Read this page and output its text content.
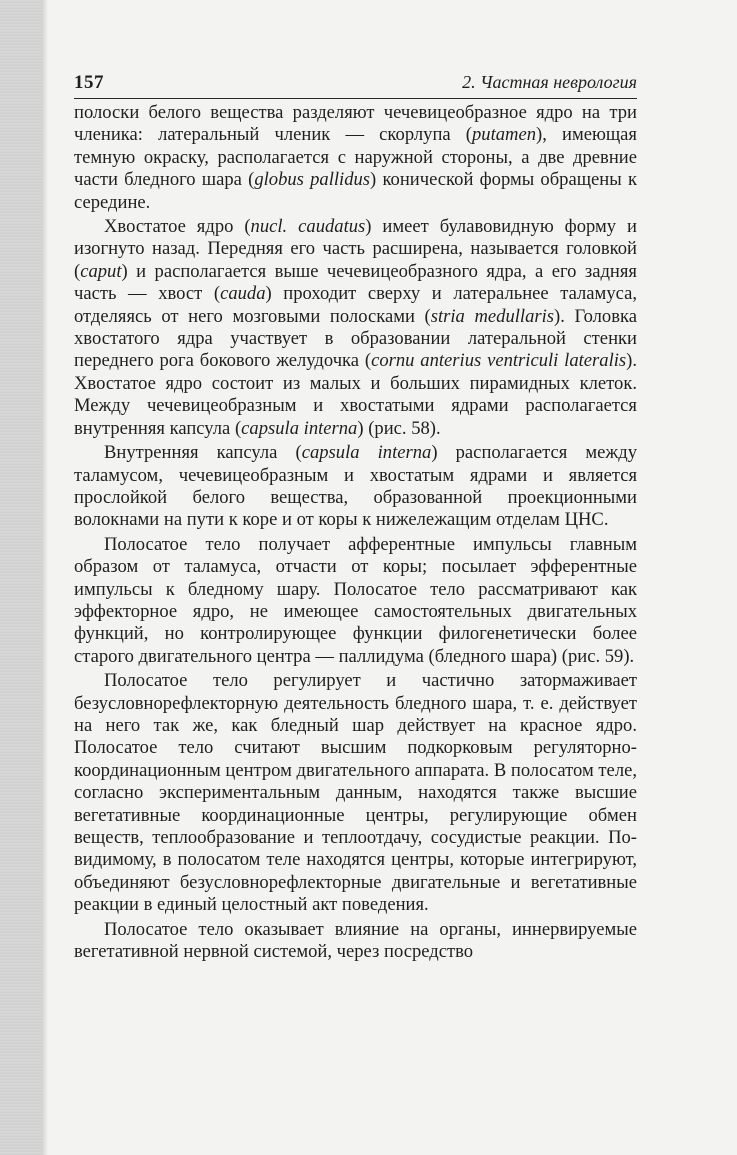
157	2. Частная неврология

полоски белого вещества разделяют чечевицеобразное ядро на три членика: латеральный членик — скорлупа (putamen), имеющая темную окраску, располагается с наружной стороны, а две древние части бледного шара (globus pallidus) конической формы обращены к середине.

Хвостатое ядро (nucl. caudatus) имеет булавовидную форму и изогнуто назад. Передняя его часть расширена, называется головкой (caput) и располагается выше чечевицеобразного ядра, а его задняя часть — хвост (cauda) проходит сверху и латеральнее таламуса, отделяясь от него мозговыми полосками (stria medullaris). Головка хвостатого ядра участвует в образовании латеральной стенки переднего рога бокового желудочка (cornu anterius ventriculi lateralis). Хвостатое ядро состоит из малых и больших пирамидных клеток. Между чечевицеобразным и хвостатыми ядрами располагается внутренняя капсула (capsula interna) (рис. 58).

Внутренняя капсула (capsula interna) располагается между таламусом, чечевицеобразным и хвостатым ядрами и является прослойкой белого вещества, образованной проекционными волокнами на пути к коре и от коры к нижележащим отделам ЦНС.

Полосатое тело получает афферентные импульсы главным образом от таламуса, отчасти от коры; посылает эфферентные импульсы к бледному шару. Полосатое тело рассматривают как эффекторное ядро, не имеющее самостоятельных двигательных функций, но контролирующее функции филогенетически более старого двигательного центра — паллидума (бледного шара) (рис. 59).

Полосатое тело регулирует и частично затормаживает безусловнорефлекторную деятельность бледного шара, т. е. действует на него так же, как бледный шар действует на красное ядро. Полосатое тело считают высшим подкорковым регуляторно-координационным центром двигательного аппарата. В полосатом теле, согласно экспериментальным данным, находятся также высшие вегетативные координационные центры, регулирующие обмен веществ, теплообразование и теплоотдачу, сосудистые реакции. По-видимому, в полосатом теле находятся центры, которые интегрируют, объединяют безусловнорефлекторные двигательные и вегетативные реакции в единый целостный акт поведения.

Полосатое тело оказывает влияние на органы, иннервируемые вегетативной нервной системой, через посредство
